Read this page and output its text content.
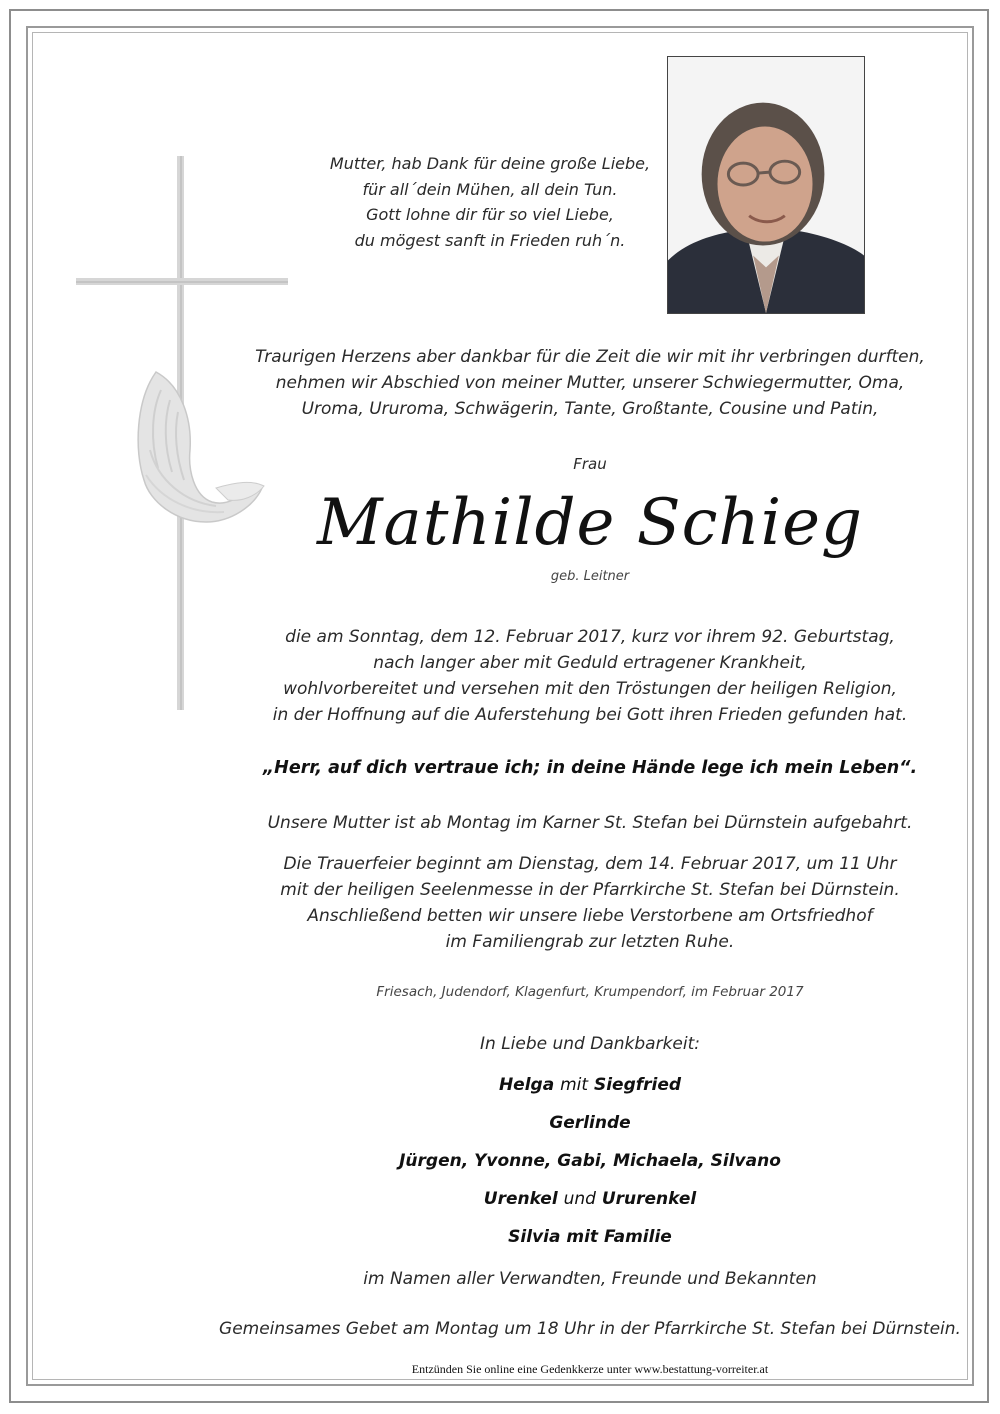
Mutter, hab Dank für deine große Liebe,
für all´dein Mühen, all dein Tun.
Gott lohne dir für so viel Liebe,
du mögest sanft in Frieden ruh´n.
Traurigen Herzens aber dankbar für die Zeit die wir mit ihr verbringen durften,
nehmen wir Abschied von meiner Mutter, unserer Schwiegermutter, Oma,
Uroma, Ururoma, Schwägerin, Tante, Großtante, Cousine und Patin,
Frau
Mathilde Schieg
geb. Leitner
die am Sonntag, dem 12. Februar 2017, kurz vor ihrem 92. Geburtstag,
nach langer aber mit Geduld ertragener Krankheit,
wohlvorbereitet und versehen mit den Tröstungen der heiligen Religion,
in der Hoffnung auf die Auferstehung bei Gott ihren Frieden gefunden hat.
„Herr, auf dich vertraue ich; in deine Hände lege ich mein Leben“.
Unsere Mutter ist ab Montag im Karner St. Stefan bei Dürnstein aufgebahrt.
Die Trauerfeier beginnt am Dienstag, dem 14. Februar 2017, um 11 Uhr
mit der heiligen Seelenmesse in der Pfarrkirche St. Stefan bei Dürnstein.
Anschließend betten wir unsere liebe Verstorbene am Ortsfriedhof
im Familiengrab zur letzten Ruhe.
Friesach, Judendorf, Klagenfurt, Krumpendorf, im Februar 2017
In Liebe und Dankbarkeit:
Helga mit Siegfried
Gerlinde
Jürgen, Yvonne, Gabi, Michaela, Silvano
Urenkel und Ururenkel
Silvia mit Familie
im Namen aller Verwandten, Freunde und Bekannten
Gemeinsames Gebet am Montag um 18 Uhr in der Pfarrkirche St. Stefan bei Dürnstein.
Entzünden Sie online eine Gedenkkerze unter www.bestattung-vorreiter.at
